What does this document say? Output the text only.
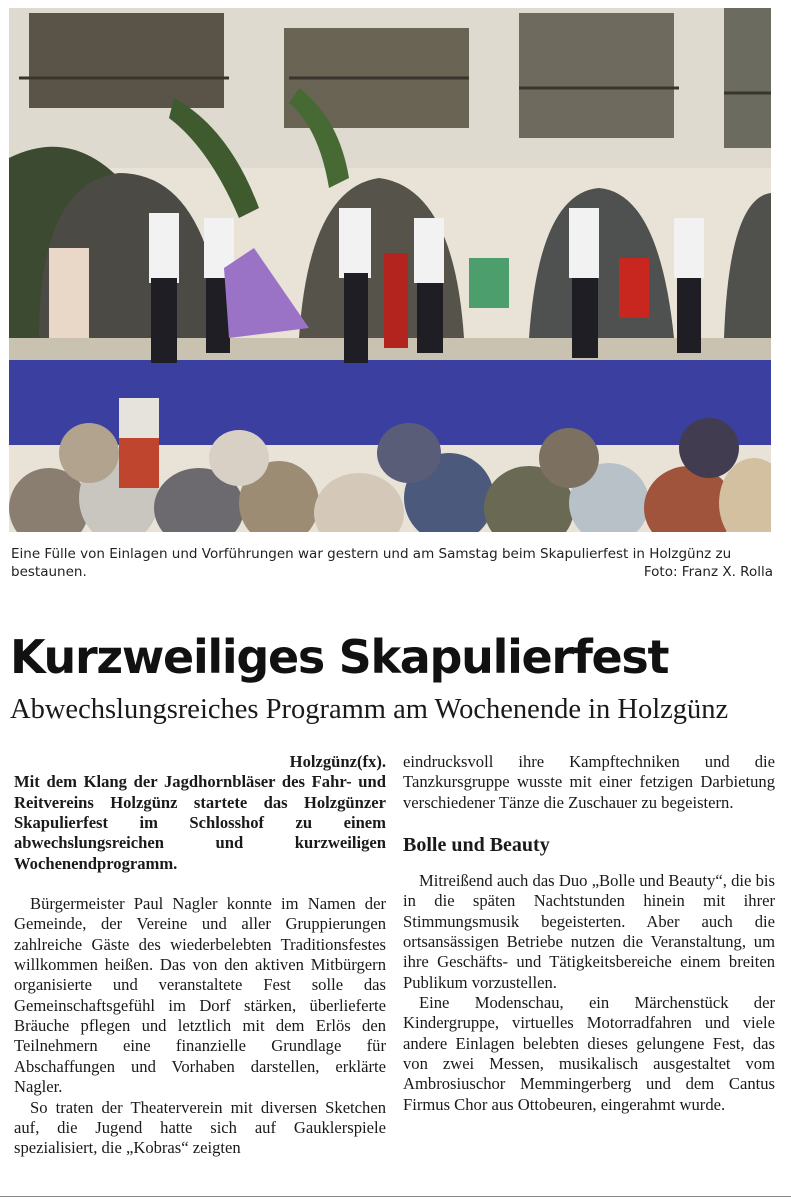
Eine Fülle von Einlagen und Vorführungen war gestern und am Samstag beim Skapulierfest in Holzgünz zu bestaunen.	Foto: Franz X. Rolla
Kurzweiliges Skapulierfest
Abwechslungsreiches Programm am Wochenende in Holzgünz

Holzgünz(fx).

Mit dem Klang der Jagdhornbläser des Fahr- und Reitvereins Holzgünz startete das Holzgünzer Skapulierfest im Schlosshof zu einem abwechslungsreichen und kurzweiligen Wochenendprogramm.

Bürgermeister Paul Nagler konnte im Namen der Gemeinde, der Vereine und aller Gruppierungen zahlreiche Gäste des wiederbelebten Traditionsfestes willkommen heißen. Das von den aktiven Mitbürgern organisierte und veranstaltete Fest solle das Gemeinschaftsgefühl im Dorf stärken, überlieferte Bräuche pflegen und letztlich mit dem Erlös den Teilnehmern eine finanzielle Grundlage für Abschaffungen und Vorhaben darstellen, erklärte Nagler.

So traten der Theaterverein mit diversen Sketchen auf, die Jugend hatte sich auf Gauklerspiele spezialisiert, die „Kobras“ zeigten

eindrucksvoll ihre Kampftechniken und die Tanzkursgruppe wusste mit einer fetzigen Darbietung verschiedener Tänze die Zuschauer zu begeistern.

Bolle und Beauty

Mitreißend auch das Duo „Bolle und Beauty“, die bis in die späten Nachtstunden hinein mit ihrer Stimmungsmusik begeisterten. Aber auch die ortsansässigen Betriebe nutzen die Veranstaltung, um ihre Geschäfts- und Tätigkeitsbereiche einem breiten Publikum vorzustellen.

Eine Modenschau, ein Märchenstück der Kindergruppe, virtuelles Motorradfahren und viele andere Einlagen belebten dieses gelungene Fest, das von zwei Messen, musikalisch ausgestaltet vom Ambrosiuschor Memmingerberg und dem Cantus Firmus Chor aus Ottobeuren, eingerahmt wurde.
